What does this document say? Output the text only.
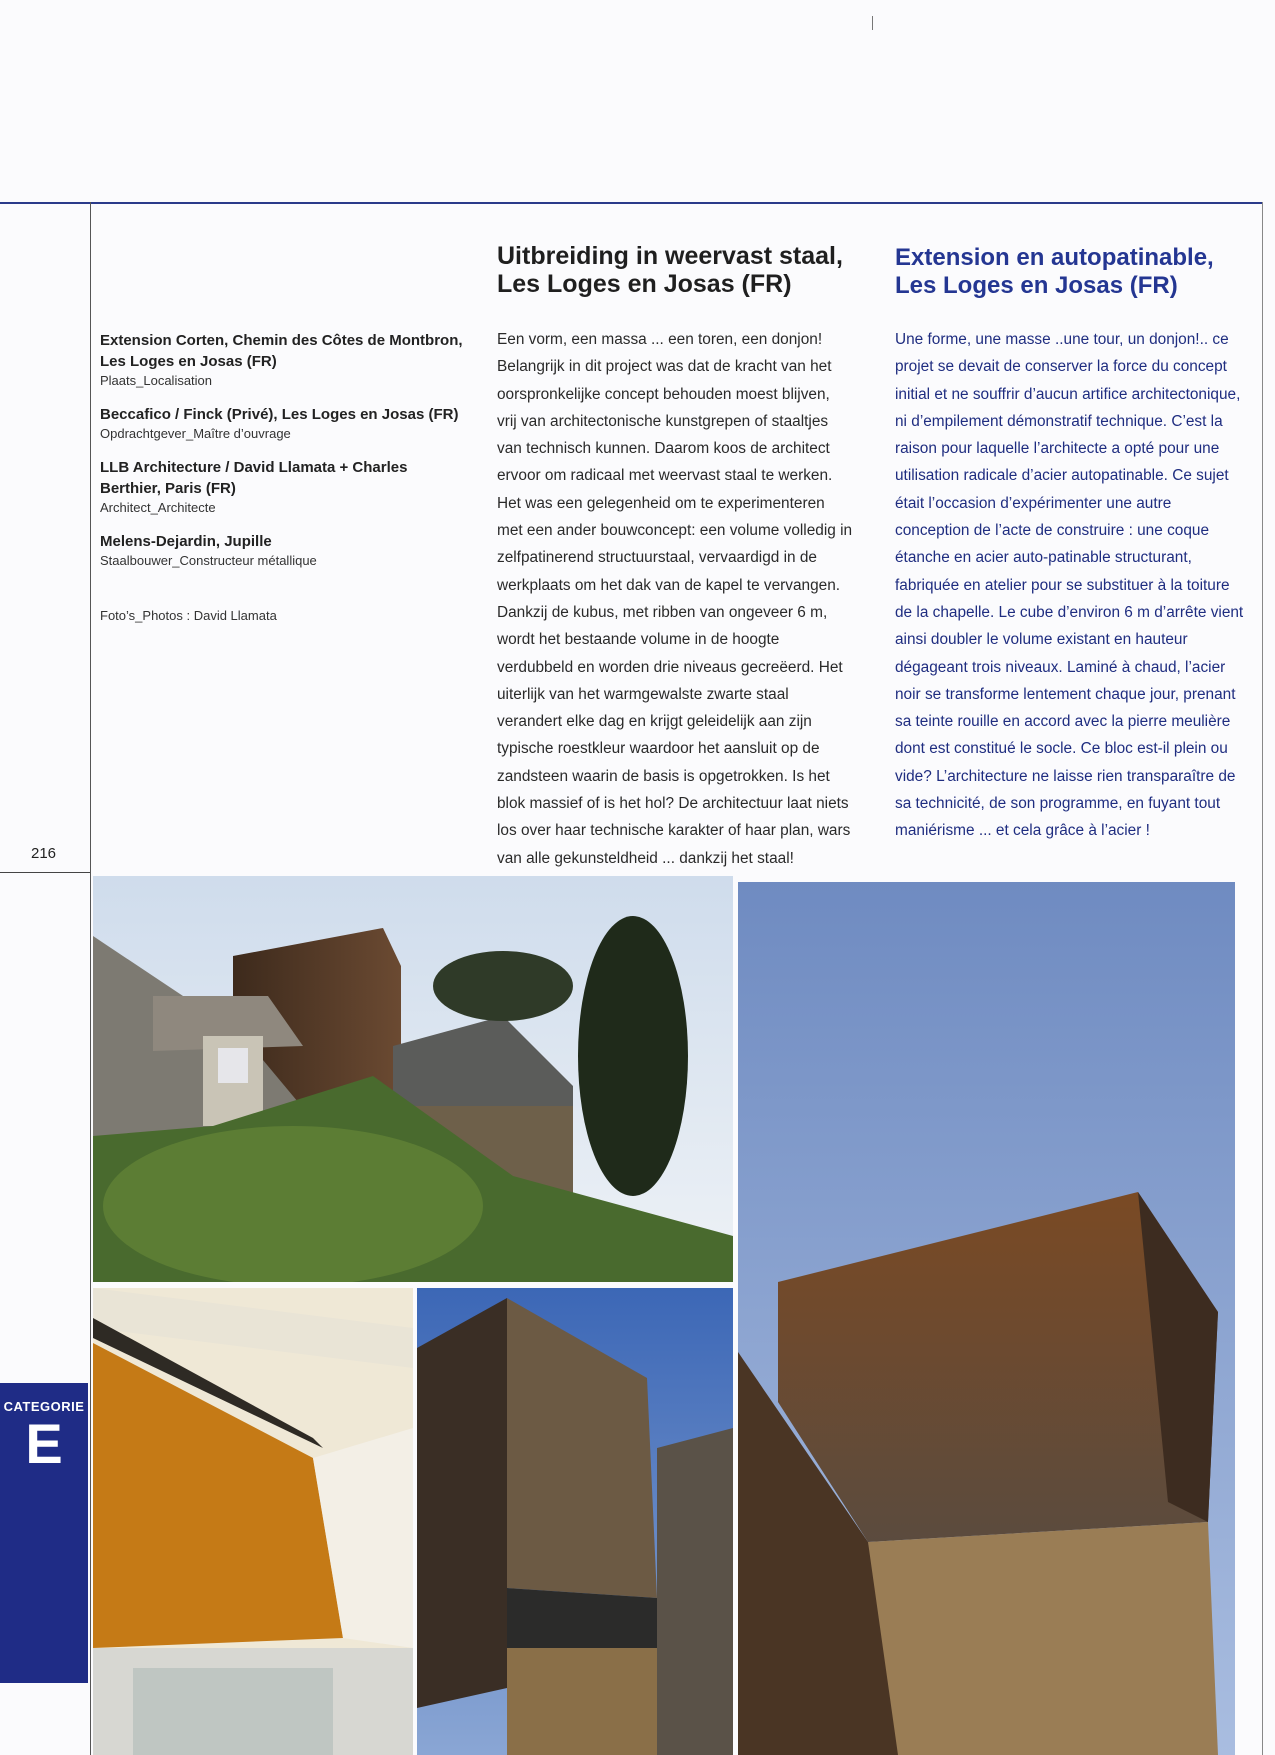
216
Extension Corten, Chemin des Côtes de Montbron, Les Loges en Josas (FR)
Plaats_Localisation
Beccafico / Finck (Privé), Les Loges en Josas (FR)
Opdrachtgever_Maître d’ouvrage
LLB Architecture / David Llamata + Charles Berthier, Paris (FR)
Architect_Architecte
Melens-Dejardin, Jupille
Staalbouwer_Constructeur métallique
Foto’s_Photos : David Llamata
Uitbreiding in weervast staal, Les Loges en Josas (FR)
Extension en autopatinable, Les Loges en Josas (FR)
Een vorm, een massa ... een toren, een donjon! Belangrijk in dit project was dat de kracht van het oorspronkelijke concept behouden moest blijven, vrij van architectonische kunstgrepen of staaltjes van technisch kunnen. Daarom koos de architect ervoor om radicaal met weervast staal te werken. Het was een gelegenheid om te experimenteren met een ander bouwconcept: een volume volledig in zelfpatinerend structuurstaal, vervaardigd in de werkplaats om het dak van de kapel te vervangen. Dankzij de kubus, met ribben van ongeveer 6 m, wordt het bestaande volume in de hoogte verdubbeld en worden drie niveaus gecreëerd. Het uiterlijk van het warmgewalste zwarte staal verandert elke dag en krijgt geleidelijk aan zijn typische roestkleur waardoor het aansluit op de zandsteen waarin de basis is opgetrokken. Is het blok massief of is het hol? De architectuur laat niets los over haar technische karakter of haar plan, wars van alle gekunsteldheid ... dankzij het staal!
Une forme, une masse ..une tour, un donjon!.. ce projet se devait de conserver la force du concept initial et ne souffrir d’aucun artifice architectonique, ni d’empilement démonstratif technique. C’est la raison pour laquelle l’architecte a opté pour une utilisation radicale d’acier autopatinable. Ce sujet était l’occasion d’expérimenter une autre conception de l’acte de construire : une coque étanche en acier auto-patinable structurant, fabriquée en atelier pour se substituer à la toiture de la chapelle. Le cube d’environ 6 m d’arrête vient ainsi doubler le volume existant en hauteur dégageant trois niveaux. Laminé à chaud, l’acier noir se transforme lentement chaque jour, prenant sa teinte rouille en accord avec la pierre meulière dont est constitué le socle. Ce bloc est-il plein ou vide? L’architecture ne laisse rien transparaître de sa technicité, de son programme, en fuyant tout maniérisme ... et cela grâce à l’acier !
CATEGORIE
E
